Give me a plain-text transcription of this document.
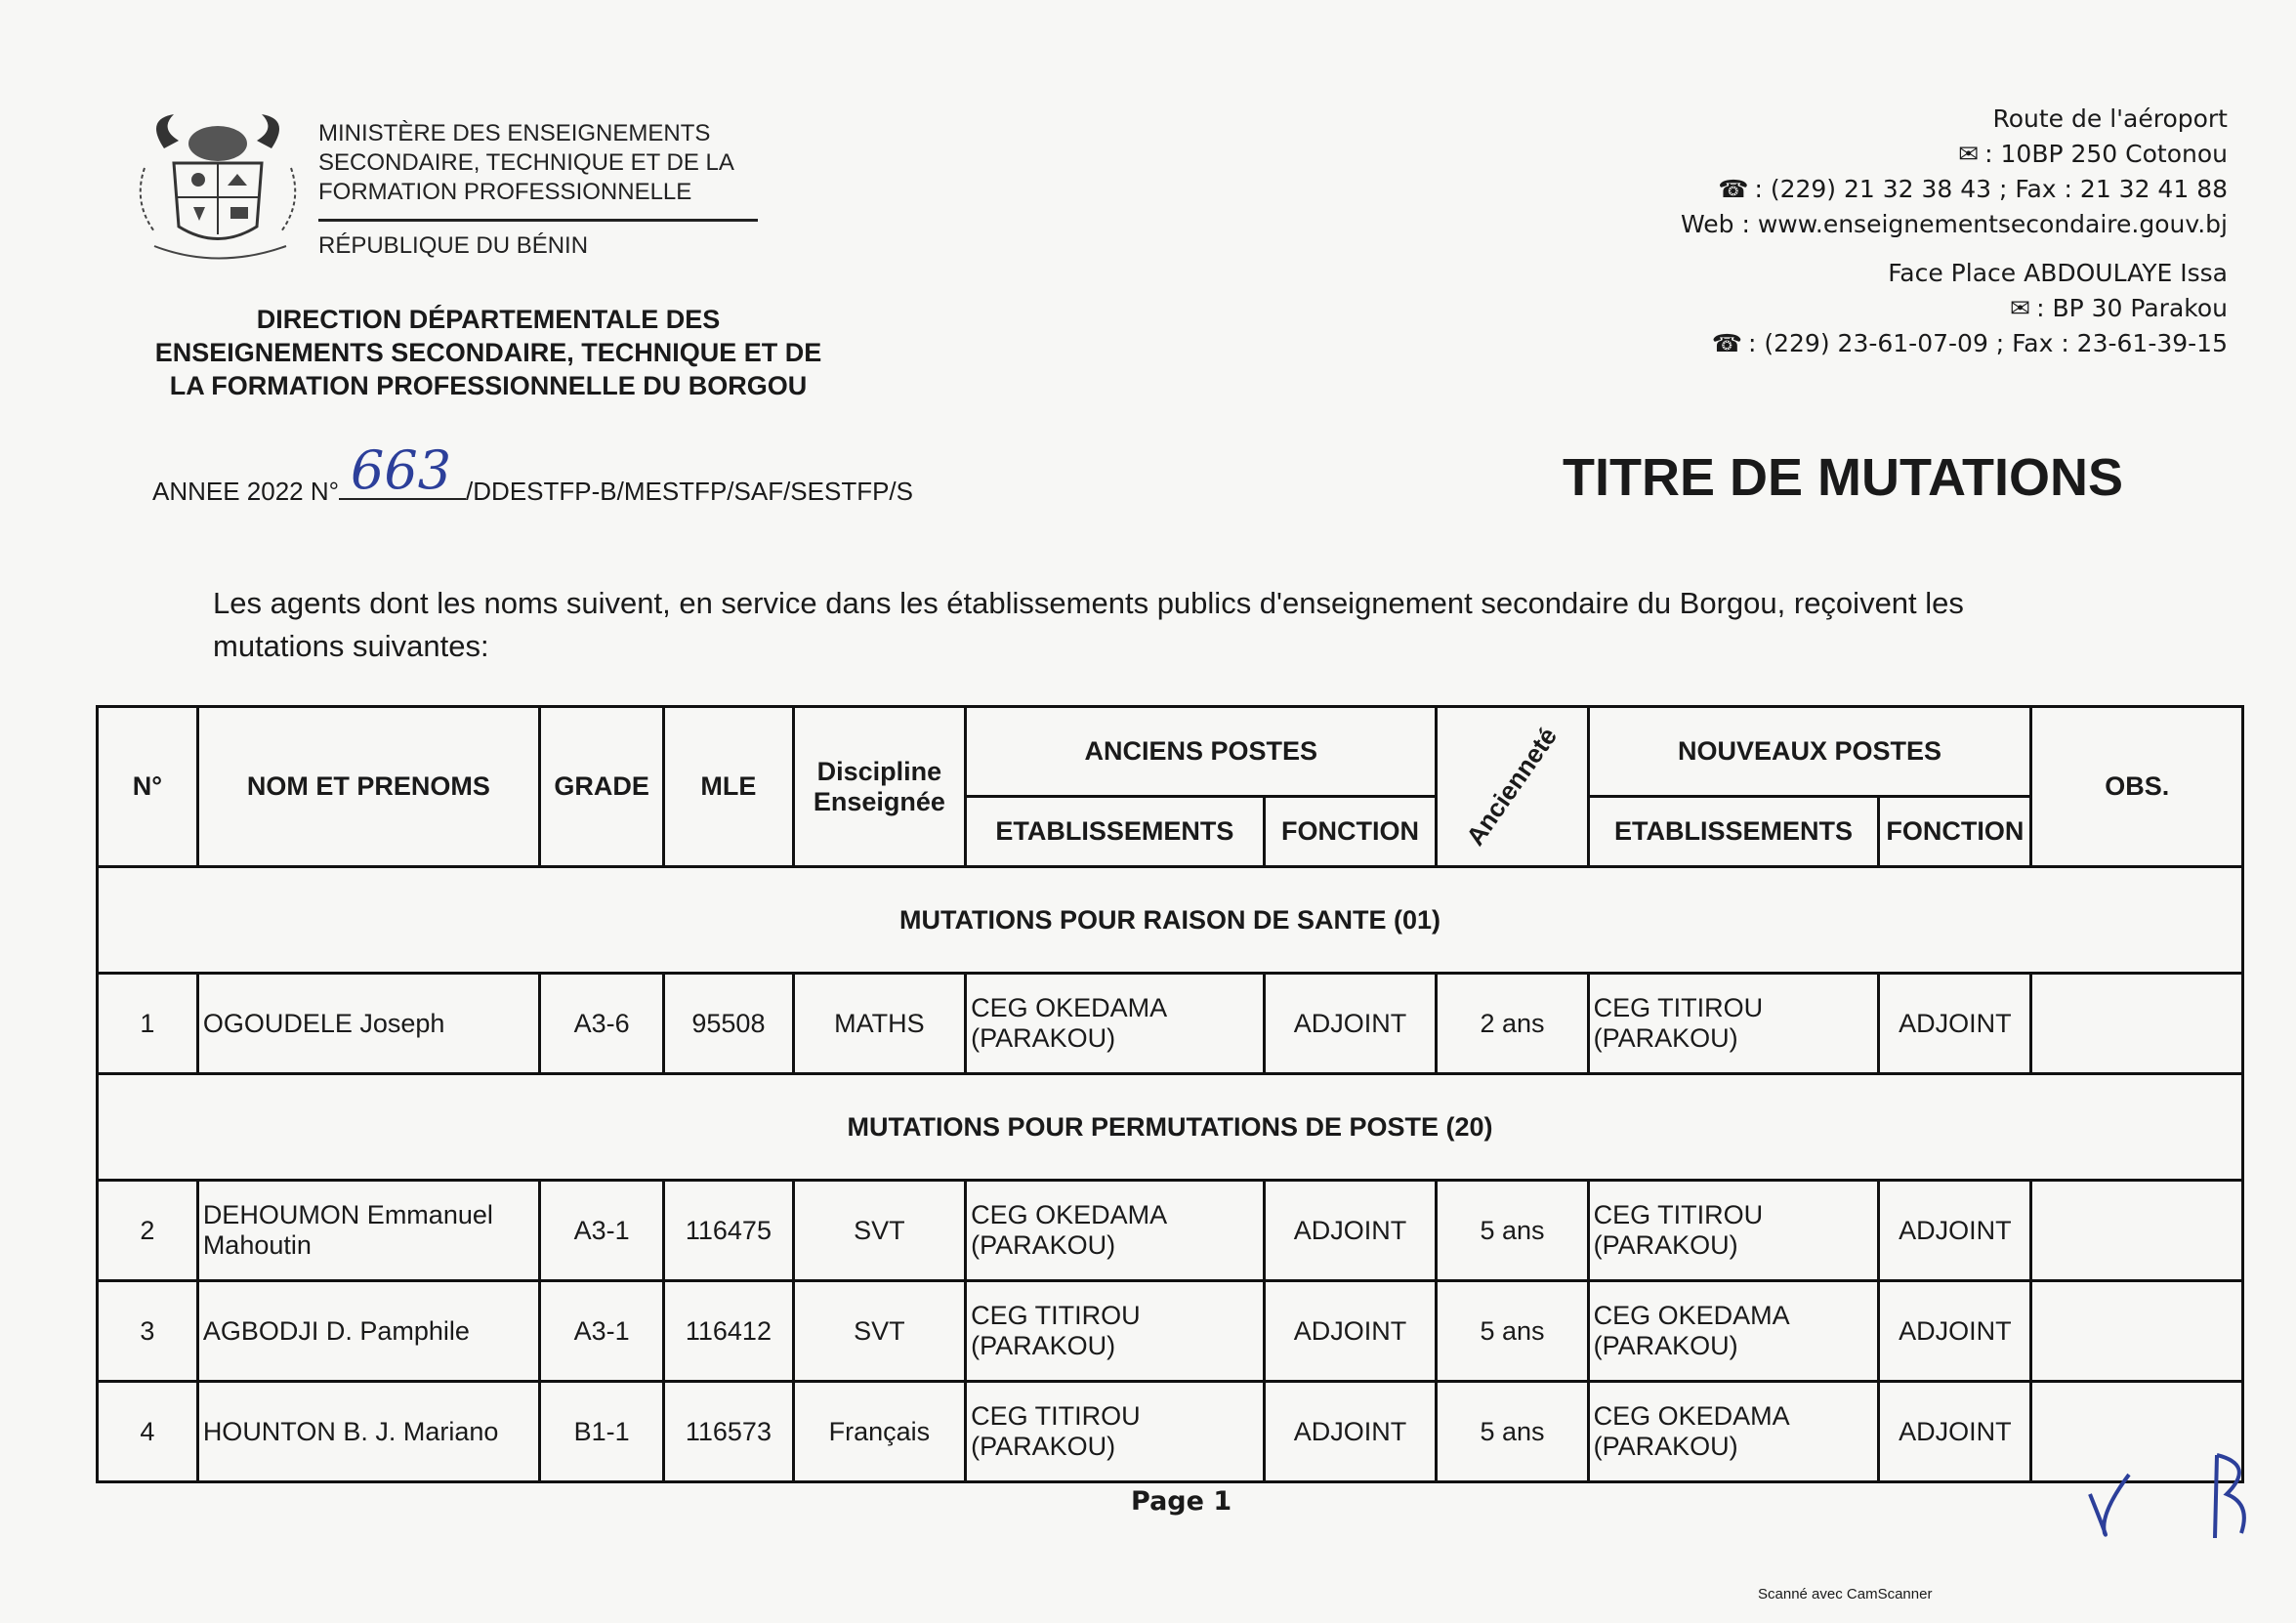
MINISTÈRE DES ENSEIGNEMENTS
SECONDAIRE, TECHNIQUE ET DE LA
FORMATION PROFESSIONNELLE
RÉPUBLIQUE DU BÉNIN
DIRECTION DÉPARTEMENTALE DES ENSEIGNEMENTS SECONDAIRE, TECHNIQUE ET DE LA FORMATION PROFESSIONNELLE DU BORGOU
ANNEE 2022 N° 663 /DDESTFP-B/MESTFP/SAF/SESTFP/S
Route de l'aéroport
✉ : 10BP 250 Cotonou
☎ : (229) 21 32 38 43 ; Fax : 21 32 41 88
Web : www.enseignementsecondaire.gouv.bj
Face Place ABDOULAYE Issa
✉ : BP 30 Parakou
☎ : (229) 23-61-07-09 ; Fax : 23-61-39-15
TITRE DE MUTATIONS
Les agents dont les noms suivent, en service dans les établissements publics d'enseignement secondaire du Borgou, reçoivent les mutations suivantes:
N°	NOM ET PRENOMS	GRADE	MLE	Discipline Enseignée	ANCIENS POSTES		Ancienneté	NOUVEAUX POSTES		OBS.
					ETABLISSEMENTS	FONCTION		ETABLISSEMENTS	FONCTION	
MUTATIONS POUR RAISON DE SANTE (01)										
1	OGOUDELE Joseph	A3-6	95508	MATHS	CEG OKEDAMA (PARAKOU)	ADJOINT	2 ans	CEG TITIROU (PARAKOU)	ADJOINT	
MUTATIONS POUR PERMUTATIONS DE POSTE (20)										
2	DEHOUMON Emmanuel Mahoutin	A3-1	116475	SVT	CEG OKEDAMA (PARAKOU)	ADJOINT	5 ans	CEG TITIROU (PARAKOU)	ADJOINT	
3	AGBODJI D. Pamphile	A3-1	116412	SVT	CEG TITIROU (PARAKOU)	ADJOINT	5 ans	CEG OKEDAMA (PARAKOU)	ADJOINT	
4	HOUNTON B. J. Mariano	B1-1	116573	Français	CEG TITIROU (PARAKOU)	ADJOINT	5 ans	CEG OKEDAMA (PARAKOU)	ADJOINT	
Page 1
Scanné avec CamScanner
